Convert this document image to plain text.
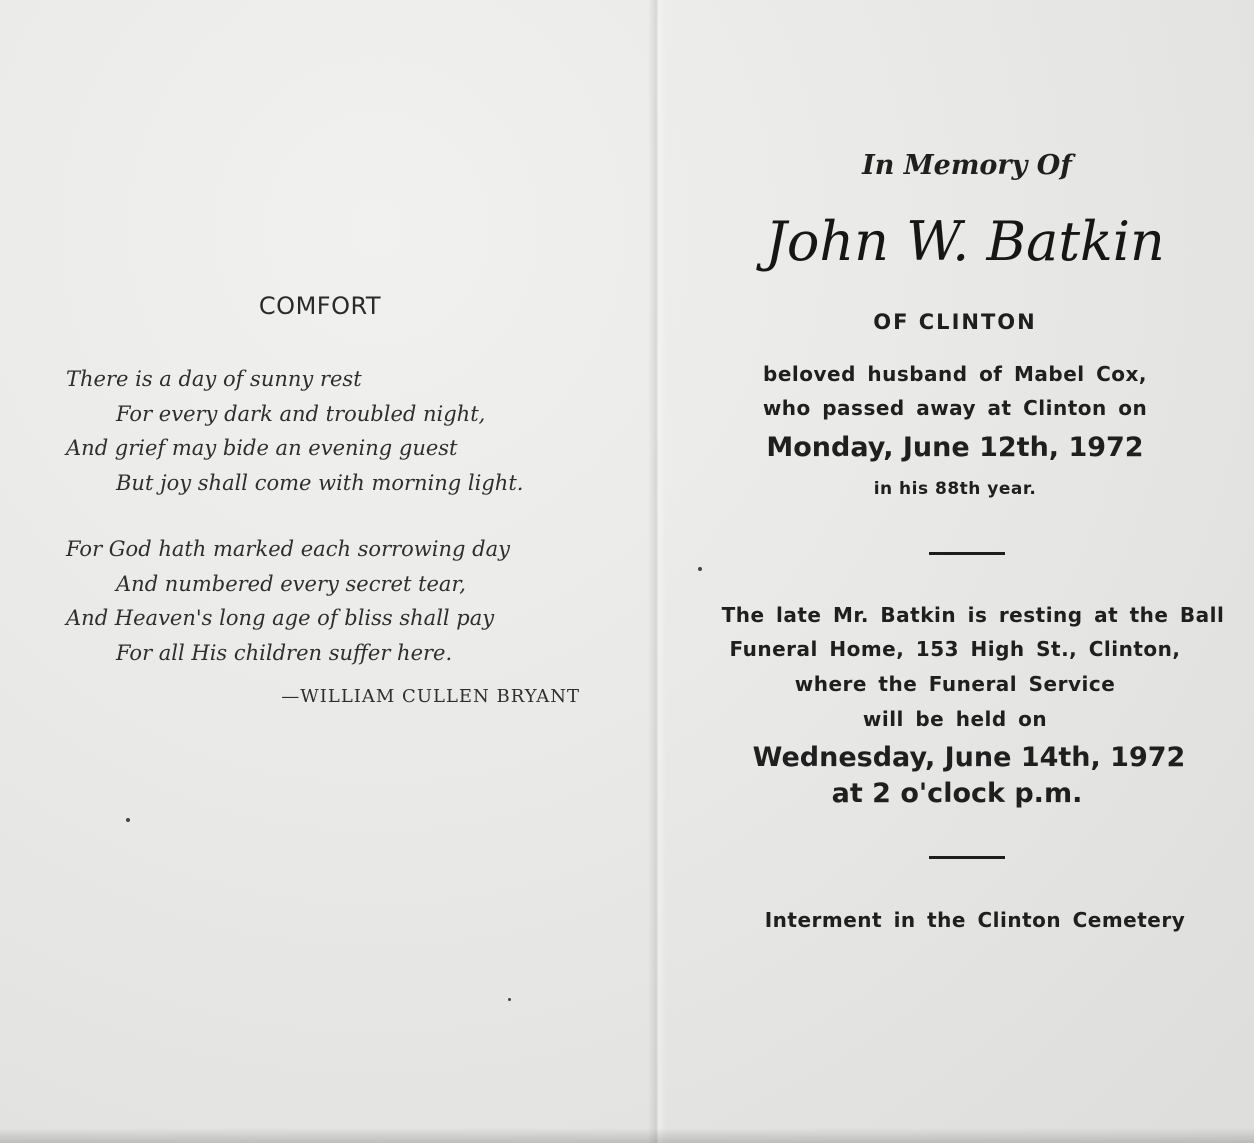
COMFORT
There is a day of sunny rest
For every dark and troubled night,
And grief may bide an evening guest
But joy shall come with morning light.
For God hath marked each sorrowing day
And numbered every secret tear,
And Heaven's long age of bliss shall pay
For all His children suffer here.
—WILLIAM CULLEN BRYANT
In Memory Of
John W. Batkin
OF CLINTON
beloved husband of Mabel Cox,
who passed away at Clinton on
Monday, June 12th, 1972
in his 88th year.
The late Mr. Batkin is resting at the Ball
Funeral Home, 153 High St., Clinton,
where the Funeral Service
will be held on
Wednesday, June 14th, 1972
at 2 o'clock p.m.
Interment in the Clinton Cemetery
